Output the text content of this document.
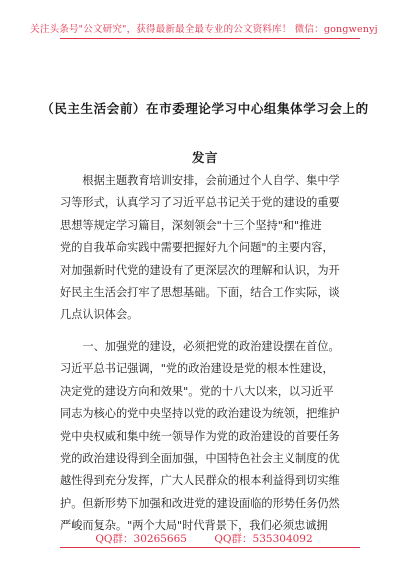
关注头条号"公文研究"，获得最新最全最专业的公文资料库！ 微信：gongwenyj
（民主生活会前）在市委理论学习中心组集体学习会上的
发言
　　根据主题教育培训安排，会前通过个人自学、集中学
习等形式，认真学习了习近平总书记关于党的建设的重要
思想等规定学习篇目，深刻领会"十三个坚持"和"推进
党的自我革命实践中需要把握好九个问题"的主要内容，
对加强新时代党的建设有了更深层次的理解和认识，为开
好民主生活会打牢了思想基础。下面，结合工作实际，谈
几点认识体会。
　　一、加强党的建设，必须把党的政治建设摆在首位。
习近平总书记强调，"党的政治建设是党的根本性建设，
决定党的建设方向和效果"。党的十八大以来，以习近平
同志为核心的党中央坚持以党的政治建设为统领，把维护
党中央权威和集中统一领导作为党的政治建设的首要任务
党的政治建设得到全面加强，中国特色社会主义制度的优
越性得到充分发挥，广大人民群众的根本利益得到切实维
护。但新形势下加强和改进党的建设面临的形势任务仍然
严峻而复杂。"两个大局"时代背景下，我们必须忠诚拥
QQ群：30265665	QQ群：535304092
